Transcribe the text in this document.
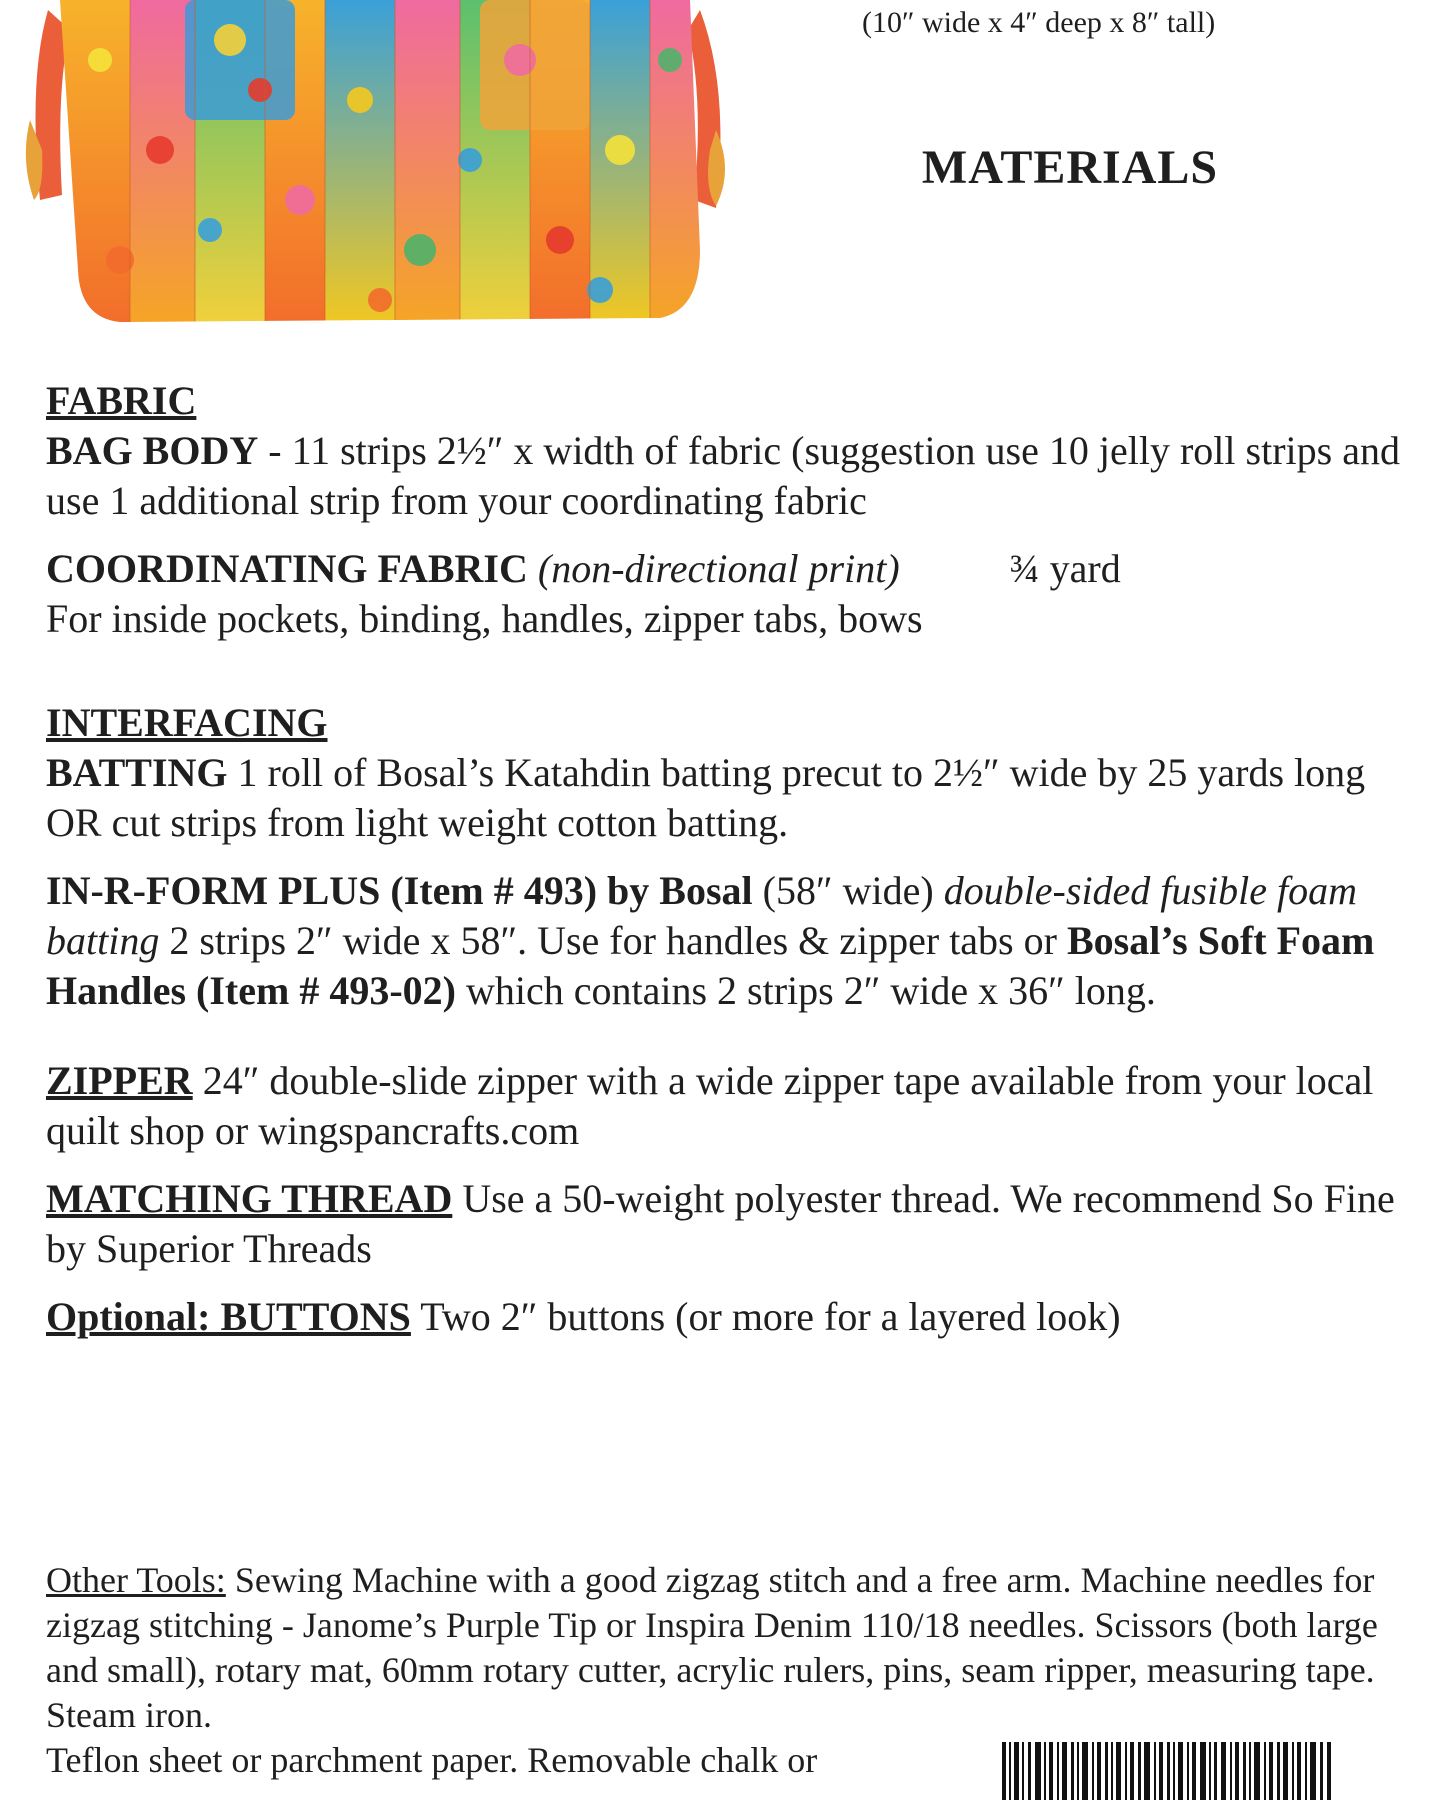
(10″ wide x 4″ deep x 8″ tall)
MATERIALS

FABRIC

BAG BODY - 11 strips 2½″ x width of fabric (suggestion use 10 jelly roll strips and use 1 additional strip from your coordinating fabric

COORDINATING FABRIC (non-directional print)	¾ yard

For inside pockets, binding, handles, zipper tabs, bows

INTERFACING

BATTING 1 roll of Bosal’s Katahdin batting precut to 2½″ wide by 25 yards long OR cut strips from light weight cotton batting.

IN-R-FORM PLUS (Item # 493) by Bosal (58″ wide) double-sided fusible foam batting 2 strips 2″ wide x 58″. Use for handles & zipper tabs or Bosal’s Soft Foam Handles (Item # 493-02) which contains 2 strips 2″ wide x 36″ long.

ZIPPER 24″ double-slide zipper with a wide zipper tape available from your local quilt shop or wingspancrafts.com

MATCHING THREAD Use a 50-weight polyester thread. We recommend So Fine by Superior Threads

Optional: BUTTONS Two 2″ buttons (or more for a layered look)

Other Tools: Sewing Machine with a good zigzag stitch and a free arm. Machine needles for zigzag stitching - Janome’s Purple Tip or Inspira Denim 110/18 needles. Scissors (both large and small), rotary mat, 60mm rotary cutter, acrylic rulers, pins, seam ripper, measuring tape. Steam iron.

Teflon sheet or parchment paper. Removable chalk or
